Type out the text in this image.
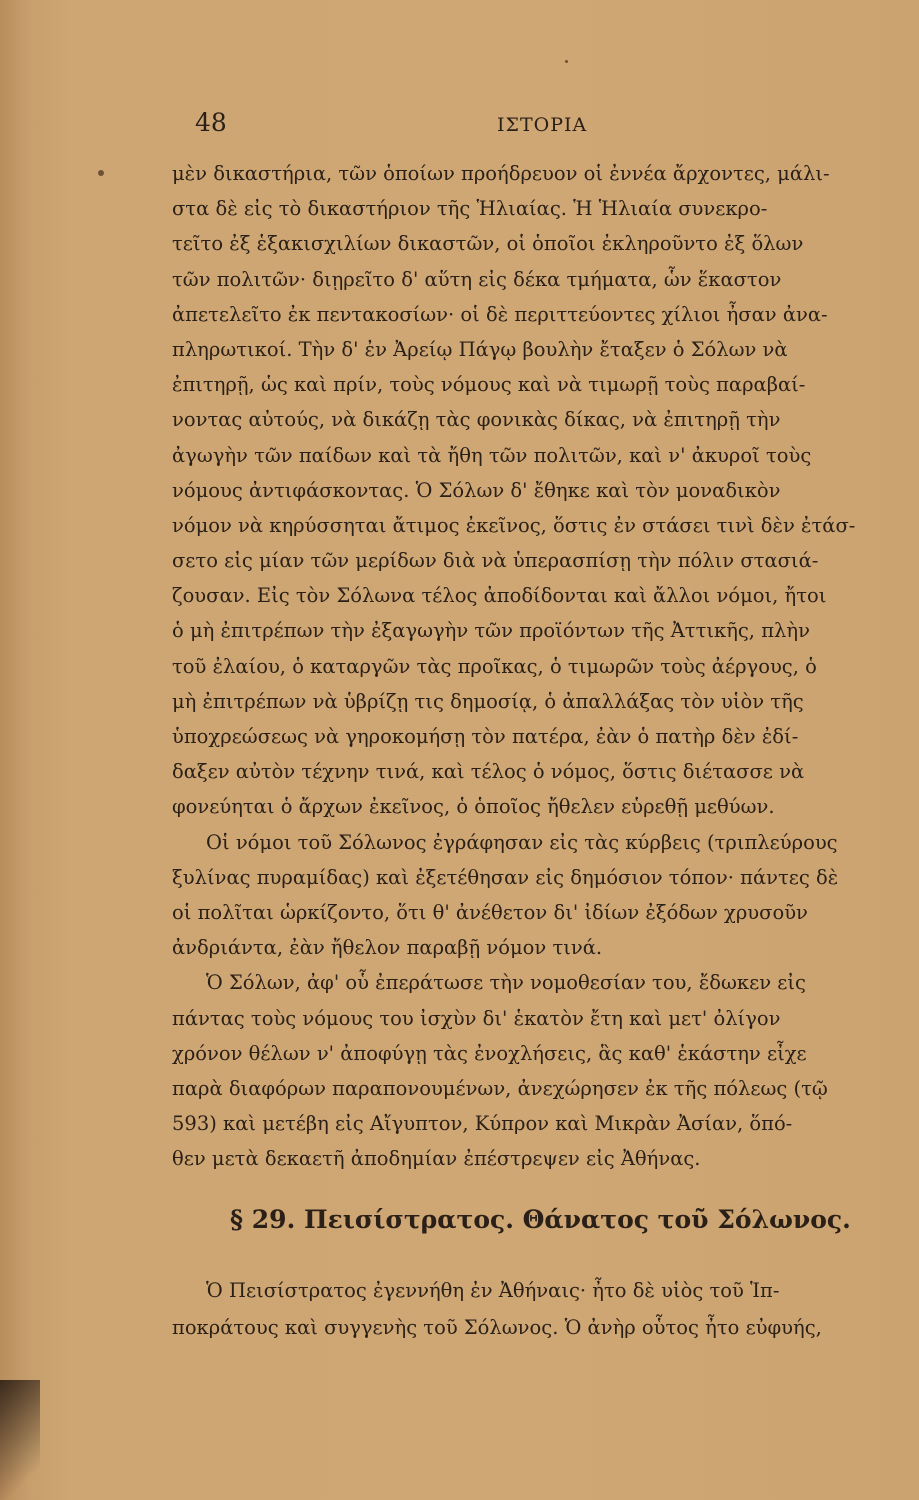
48	ΙΣΤΟΡΙΑ
μὲν δικαστήρια, τῶν ὁποίων προήδρευον οἱ ἐννέα ἄρχοντες, μάλι-
στα δὲ εἰς τὸ δικαστήριον τῆς Ἡλιαίας. Ἡ Ἡλιαία συνεκρο-
τεῖτο ἐξ ἑξακισχιλίων δικαστῶν, οἱ ὁποῖοι ἐκληροῦντο ἐξ ὅλων
τῶν πολιτῶν· διῃρεῖτο δ' αὕτη εἰς δέκα τμήματα, ὧν ἕκαστον
ἀπετελεῖτο ἐκ πεντακοσίων· οἱ δὲ περιττεύοντες χίλιοι ἦσαν ἀνα-
πληρωτικοί. Τὴν δ' ἐν Ἀρείῳ Πάγῳ βουλὴν ἔταξεν ὁ Σόλων νὰ
ἐπιτηρῇ, ὡς καὶ πρίν, τοὺς νόμους καὶ νὰ τιμωρῇ τοὺς παραβαί-
νοντας αὐτούς, νὰ δικάζῃ τὰς φονικὰς δίκας, νὰ ἐπιτηρῇ τὴν
ἀγωγὴν τῶν παίδων καὶ τὰ ἤθη τῶν πολιτῶν, καὶ ν' ἀκυροῖ τοὺς
νόμους ἀντιφάσκοντας. Ὁ Σόλων δ' ἔθηκε καὶ τὸν μοναδικὸν
νόμον νὰ κηρύσσηται ἄτιμος ἐκεῖνος, ὅστις ἐν στάσει τινὶ δὲν ἐτάσ-
σετο εἰς μίαν τῶν μερίδων διὰ νὰ ὑπερασπίσῃ τὴν πόλιν στασιά-
ζουσαν. Εἰς τὸν Σόλωνα τέλος ἀποδίδονται καὶ ἄλλοι νόμοι, ἤτοι
ὁ μὴ ἐπιτρέπων τὴν ἐξαγωγὴν τῶν προϊόντων τῆς Ἀττικῆς, πλὴν
τοῦ ἐλαίου, ὁ καταργῶν τὰς προῖκας, ὁ τιμωρῶν τοὺς ἀέργους, ὁ
μὴ ἐπιτρέπων νὰ ὑβρίζῃ τις δημοσίᾳ, ὁ ἀπαλλάξας τὸν υἱὸν τῆς
ὑποχρεώσεως νὰ γηροκομήσῃ τὸν πατέρα, ἐὰν ὁ πατὴρ δὲν ἐδί-
δαξεν αὐτὸν τέχνην τινά, καὶ τέλος ὁ νόμος, ὅστις διέτασσε νὰ
φονεύηται ὁ ἄρχων ἐκεῖνος, ὁ ὁποῖος ἤθελεν εὑρεθῇ μεθύων.
Οἱ νόμοι τοῦ Σόλωνος ἐγράφησαν εἰς τὰς κύρβεις (τριπλεύρους
ξυλίνας πυραμίδας) καὶ ἐξετέθησαν εἰς δημόσιον τόπον· πάντες δὲ
οἱ πολῖται ὡρκίζοντο, ὅτι θ' ἀνέθετον δι' ἰδίων ἐξόδων χρυσοῦν
ἀνδριάντα, ἐὰν ἤθελον παραβῇ νόμον τινά.
Ὁ Σόλων, ἀφ' οὗ ἐπεράτωσε τὴν νομοθεσίαν του, ἔδωκεν εἰς
πάντας τοὺς νόμους του ἰσχὺν δι' ἑκατὸν ἔτη καὶ μετ' ὀλίγον
χρόνον θέλων ν' ἀποφύγῃ τὰς ἐνοχλήσεις, ἃς καθ' ἑκάστην εἶχε
παρὰ διαφόρων παραπονουμένων, ἀνεχώρησεν ἐκ τῆς πόλεως (τῷ
593) καὶ μετέβη εἰς Αἴγυπτον, Κύπρον καὶ Μικρὰν Ἀσίαν, ὅπό-
θεν μετὰ δεκαετῆ ἀποδημίαν ἐπέστρεψεν εἰς Ἀθήνας.
§ 29. Πεισίστρατος. Θάνατος τοῦ Σόλωνος.
Ὁ Πεισίστρατος ἐγεννήθη ἐν Ἀθήναις· ἦτο δὲ υἱὸς τοῦ Ἱπ-
ποκράτους καὶ συγγενὴς τοῦ Σόλωνος. Ὁ ἀνὴρ οὗτος ἦτο εὐφυής,
